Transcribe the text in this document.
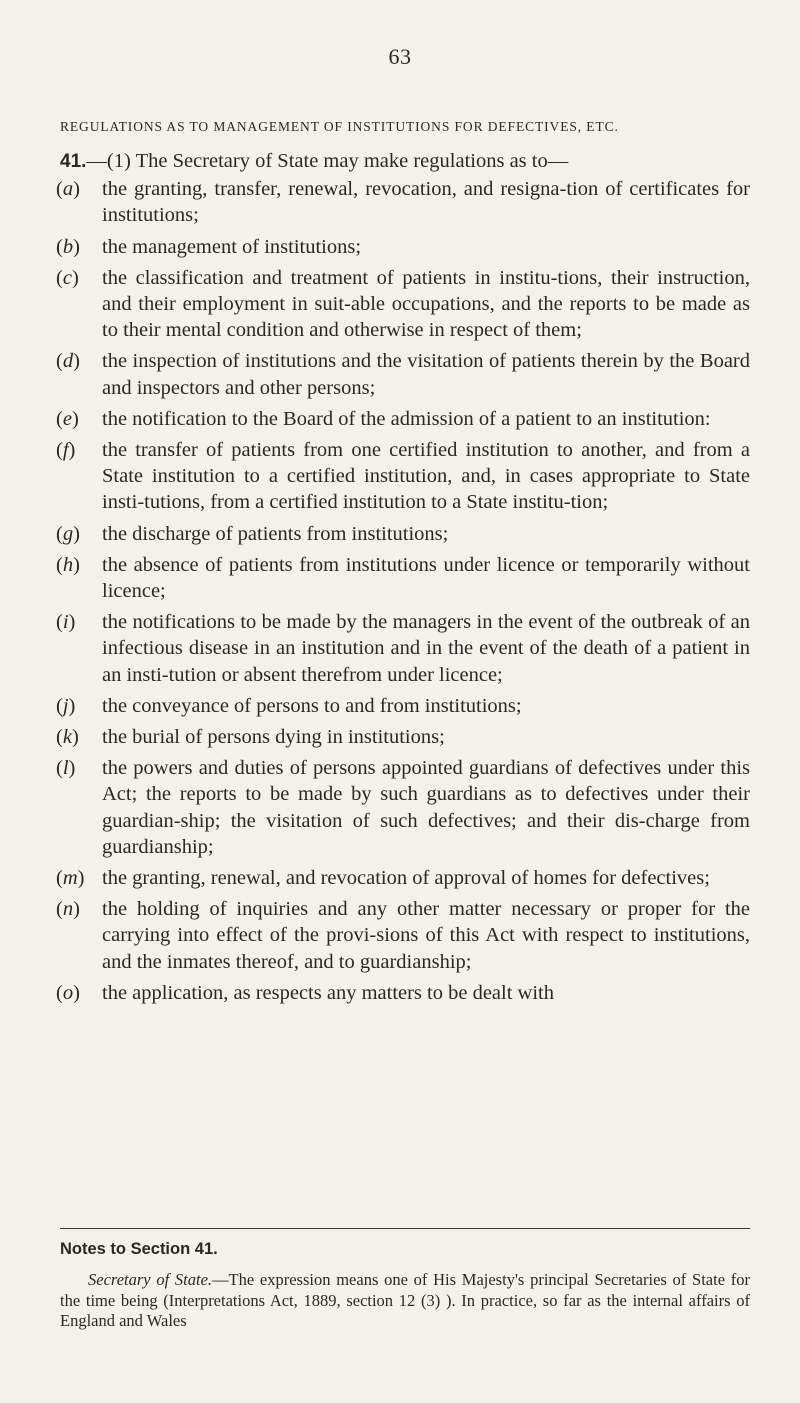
63
REGULATIONS AS TO MANAGEMENT OF INSTITUTIONS FOR DEFECTIVES, ETC.

41.—(1) The Secretary of State may make regulations as to—

(a) the granting, transfer, renewal, revocation, and resigna-tion of certificates for institutions;

(b) the management of institutions;

(c) the classification and treatment of patients in institu-tions, their instruction, and their employment in suit-able occupations, and the reports to be made as to their mental condition and otherwise in respect of them;

(d) the inspection of institutions and the visitation of patients therein by the Board and inspectors and other persons;

(e) the notification to the Board of the admission of a patient to an institution:

(f) the transfer of patients from one certified institution to another, and from a State institution to a certified institution, and, in cases appropriate to State insti-tutions, from a certified institution to a State institu-tion;

(g) the discharge of patients from institutions;

(h) the absence of patients from institutions under licence or temporarily without licence;

(i) the notifications to be made by the managers in the event of the outbreak of an infectious disease in an institution and in the event of the death of a patient in an insti-tution or absent therefrom under licence;

(j) the conveyance of persons to and from institutions;

(k) the burial of persons dying in institutions;

(l) the powers and duties of persons appointed guardians of defectives under this Act; the reports to be made by such guardians as to defectives under their guardian-ship; the visitation of such defectives; and their dis-charge from guardianship;

(m) the granting, renewal, and revocation of approval of homes for defectives;

(n) the holding of inquiries and any other matter necessary or proper for the carrying into effect of the provi-sions of this Act with respect to institutions, and the inmates thereof, and to guardianship;

(o) the application, as respects any matters to be dealt with

Notes to Section 41.
Secretary of State.—The expression means one of His Majesty's principal Secretaries of State for the time being (Interpretations Act, 1889, section 12 (3) ). In practice, so far as the internal affairs of England and Wales
